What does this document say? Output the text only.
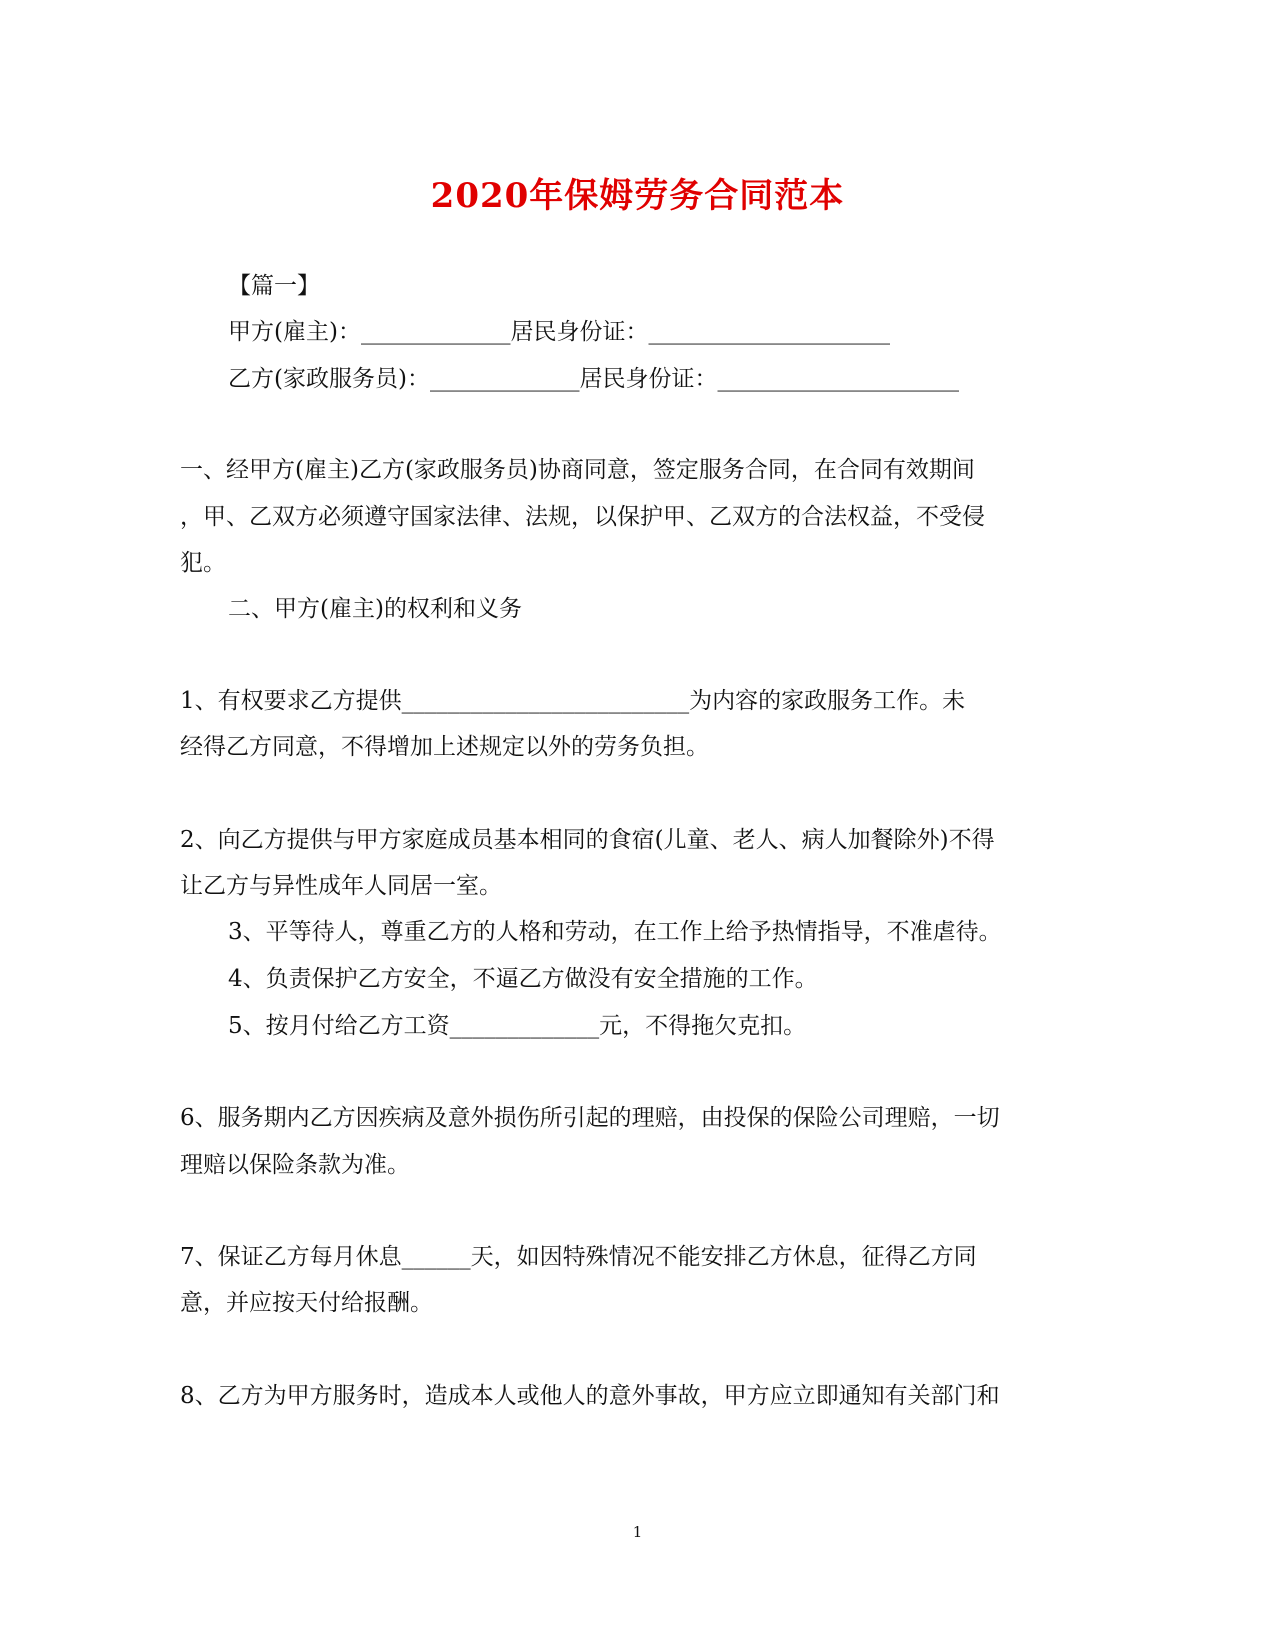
2020年保姆劳务合同范本
【篇一】
甲方(雇主)：_____________居民身份证：_____________________
乙方(家政服务员)：_____________居民身份证：_____________________
一、经甲方(雇主)乙方(家政服务员)协商同意，签定服务合同，在合同有效期间
，甲、乙双方必须遵守国家法律、法规，以保护甲、乙双方的合法权益，不受侵
犯。
二、甲方(雇主)的权利和义务
1、有权要求乙方提供_________________________为内容的家政服务工作。未
经得乙方同意，不得增加上述规定以外的劳务负担。
2、向乙方提供与甲方家庭成员基本相同的食宿(儿童、老人、病人加餐除外)不得
让乙方与异性成年人同居一室。
3、平等待人，尊重乙方的人格和劳动，在工作上给予热情指导，不准虐待。
4、负责保护乙方安全，不逼乙方做没有安全措施的工作。
5、按月付给乙方工资_____________元，不得拖欠克扣。
6、服务期内乙方因疾病及意外损伤所引起的理赔，由投保的保险公司理赔，一切
理赔以保险条款为准。
7、保证乙方每月休息______天，如因特殊情况不能安排乙方休息，征得乙方同
意，并应按天付给报酬。
8、乙方为甲方服务时，造成本人或他人的意外事故，甲方应立即通知有关部门和
1
